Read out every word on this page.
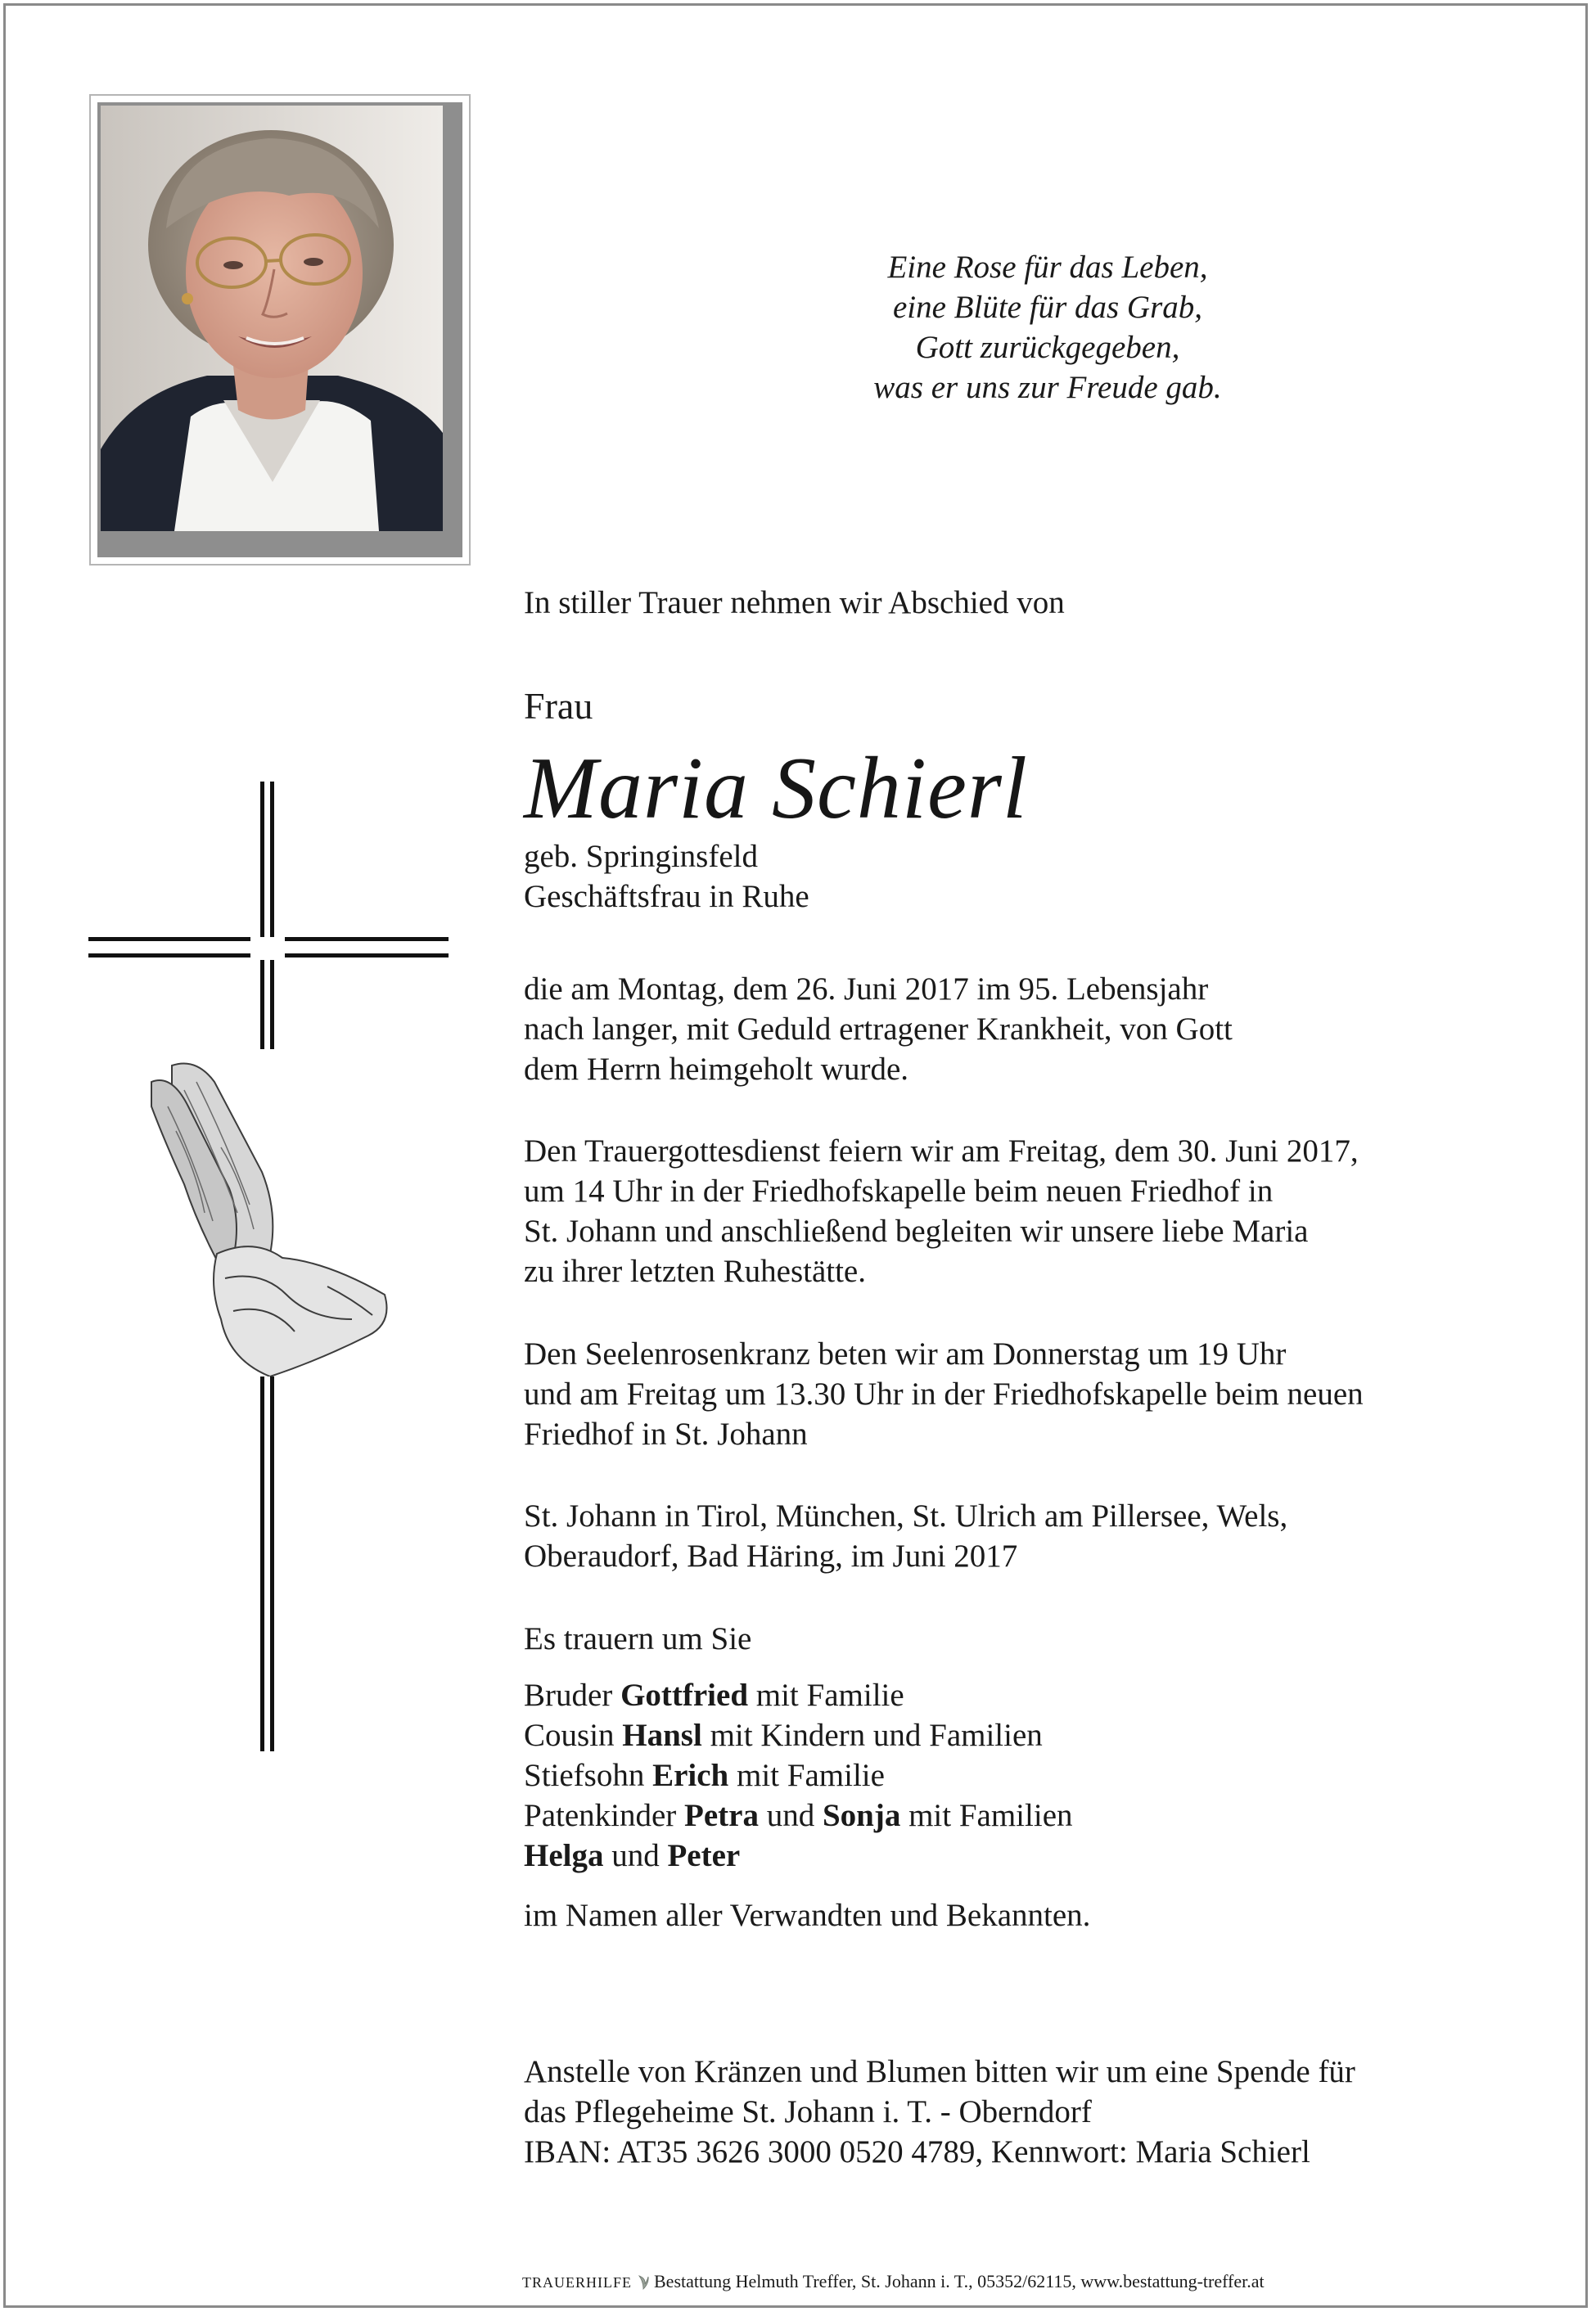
Eine Rose für das Leben,
eine Blüte für das Grab,
Gott zurückgegeben,
was er uns zur Freude gab.
In stiller Trauer nehmen wir Abschied von
Frau
Maria Schierl
geb. Springinsfeld
Geschäftsfrau in Ruhe
die am Montag, dem 26. Juni 2017 im 95. Lebensjahr
nach langer, mit Geduld ertragener Krankheit, von Gott
dem Herrn heimgeholt wurde.
Den Trauergottesdienst feiern wir am Freitag, dem 30. Juni 2017,
um 14 Uhr in der Friedhofskapelle beim neuen Friedhof in
St. Johann und anschließend begleiten wir unsere liebe Maria
zu ihrer letzten Ruhestätte.
Den Seelenrosenkranz beten wir am Donnerstag um 19 Uhr
und am Freitag um 13.30 Uhr in der Friedhofskapelle beim neuen
Friedhof in St. Johann
St. Johann in Tirol, München, St. Ulrich am Pillersee, Wels,
Oberaudorf, Bad Häring, im Juni 2017
Es trauern um Sie
Bruder Gottfried mit Familie
Cousin Hansl mit Kindern und Familien
Stiefsohn Erich mit Familie
Patenkinder Petra und Sonja mit Familien
Helga und Peter
im Namen aller Verwandten und Bekannten.
Anstelle von Kränzen und Blumen bitten wir um eine Spende für
das Pflegeheime St. Johann i. T. - Oberndorf
IBAN: AT35 3626 3000 0520 4789, Kennwort: Maria Schierl
TRAUERHILFE Bestattung Helmuth Treffer, St. Johann i. T., 05352/62115, www.bestattung-treffer.at
